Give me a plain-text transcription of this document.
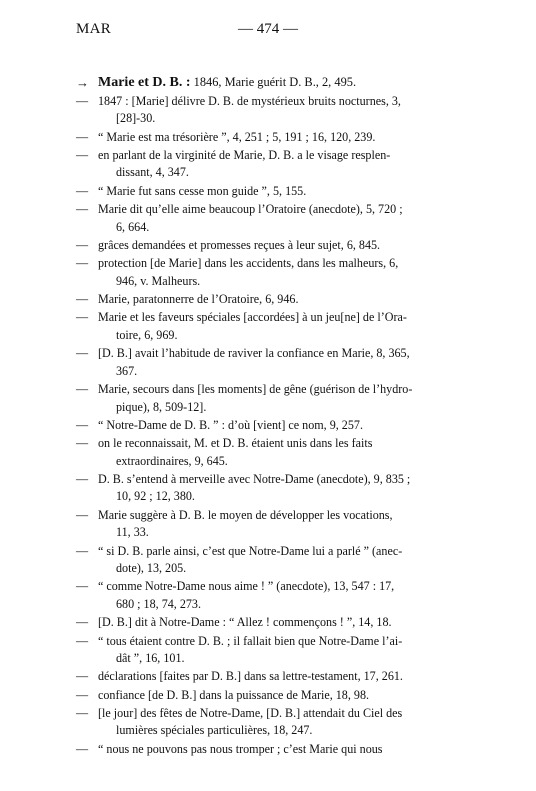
MAR	— 474 —
→ Marie et D. B. : 1846, Marie guérit D. B., 2, 495.
— 1847 : [Marie] délivre D. B. de mystérieux bruits nocturnes, 3,
[28]-30.
— “ Marie est ma trésorière ”, 4, 251 ; 5, 191 ; 16, 120, 239.
— en parlant de la virginité de Marie, D. B. a le visage resplen-
dissant, 4, 347.
— “ Marie fut sans cesse mon guide ”, 5, 155.
— Marie dit qu’elle aime beaucoup l’Oratoire (anecdote), 5, 720 ;
6, 664.
— grâces demandées et promesses reçues à leur sujet, 6, 845.
— protection [de Marie] dans les accidents, dans les malheurs, 6,
946, v. Malheurs.
— Marie, paratonnerre de l’Oratoire, 6, 946.
— Marie et les faveurs spéciales [accordées] à un jeu[ne] de l’Ora-
toire, 6, 969.
— [D. B.] avait l’habitude de raviver la confiance en Marie, 8, 365,
367.
— Marie, secours dans [les moments] de gêne (guérison de l’hydro-
pique), 8, 509-12].
— “ Notre-Dame de D. B. ” : d’où [vient] ce nom, 9, 257.
— on le reconnaissait, M. et D. B. étaient unis dans les faits
extraordinaires, 9, 645.
— D. B. s’entend à merveille avec Notre-Dame (anecdote), 9, 835 ;
10, 92 ; 12, 380.
— Marie suggère à D. B. le moyen de développer les vocations,
11, 33.
— “ si D. B. parle ainsi, c’est que Notre-Dame lui a parlé ” (anec-
dote), 13, 205.
— “ comme Notre-Dame nous aime ! ” (anecdote), 13, 547 : 17,
680 ; 18, 74, 273.
— [D. B.] dit à Notre-Dame : “ Allez ! commençons ! ”, 14, 18.
— “ tous étaient contre D. B. ; il fallait bien que Notre-Dame l’ai-
dât ”, 16, 101.
— déclarations [faites par D. B.] dans sa lettre-testament, 17, 261.
— confiance [de D. B.] dans la puissance de Marie, 18, 98.
— [le jour] des fêtes de Notre-Dame, [D. B.] attendait du Ciel des
lumières spéciales particulières, 18, 247.
— “ nous ne pouvons pas nous tromper ; c’est Marie qui nous
